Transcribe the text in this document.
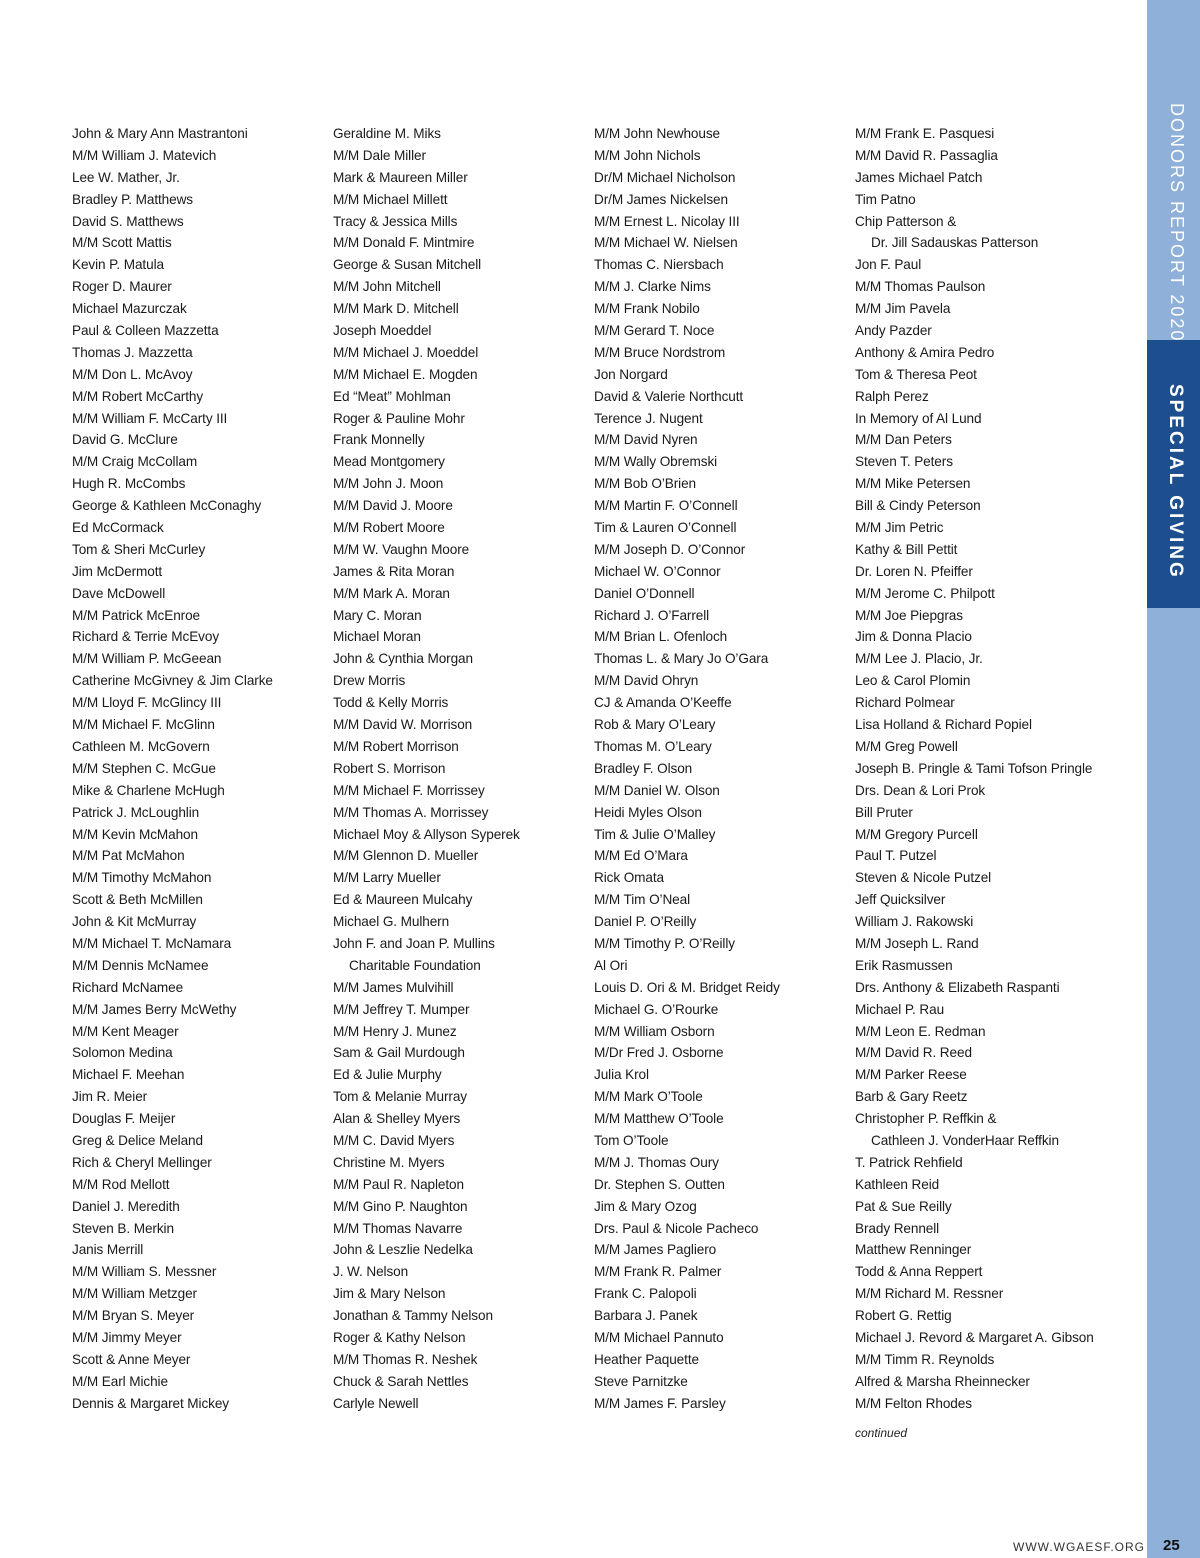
John & Mary Ann Mastrantoni
M/M William J. Matevich
Lee W. Mather, Jr.
Bradley P. Matthews
David S. Matthews
M/M Scott Mattis
Kevin P. Matula
Roger D. Maurer
Michael Mazurczak
Paul & Colleen Mazzetta
Thomas J. Mazzetta
M/M Don L. McAvoy
M/M Robert McCarthy
M/M William F. McCarty III
David G. McClure
M/M Craig McCollam
Hugh R. McCombs
George & Kathleen McConaghy
Ed McCormack
Tom & Sheri McCurley
Jim McDermott
Dave McDowell
M/M Patrick McEnroe
Richard & Terrie McEvoy
M/M William P. McGeean
Catherine McGivney & Jim Clarke
M/M Lloyd F. McGlincy III
M/M Michael F. McGlinn
Cathleen M. McGovern
M/M Stephen C. McGue
Mike & Charlene McHugh
Patrick J. McLoughlin
M/M Kevin McMahon
M/M Pat McMahon
M/M Timothy McMahon
Scott & Beth McMillen
John & Kit McMurray
M/M Michael T. McNamara
M/M Dennis McNamee
Richard McNamee
M/M James Berry McWethy
M/M Kent Meager
Solomon Medina
Michael F. Meehan
Jim R. Meier
Douglas F. Meijer
Greg & Delice Meland
Rich & Cheryl Mellinger
M/M Rod Mellott
Daniel J. Meredith
Steven B. Merkin
Janis Merrill
M/M William S. Messner
M/M William Metzger
M/M Bryan S. Meyer
M/M Jimmy Meyer
Scott & Anne Meyer
M/M Earl Michie
Dennis & Margaret Mickey
Geraldine M. Miks
M/M Dale Miller
Mark & Maureen Miller
M/M Michael Millett
Tracy & Jessica Mills
M/M Donald F. Mintmire
George & Susan Mitchell
M/M John Mitchell
M/M Mark D. Mitchell
Joseph Moeddel
M/M Michael J. Moeddel
M/M Michael E. Mogden
Ed “Meat” Mohlman
Roger & Pauline Mohr
Frank Monnelly
Mead Montgomery
M/M John J. Moon
M/M David J. Moore
M/M Robert Moore
M/M W. Vaughn Moore
James & Rita Moran
M/M Mark A. Moran
Mary C. Moran
Michael Moran
John & Cynthia Morgan
Drew Morris
Todd & Kelly Morris
M/M David W. Morrison
M/M Robert Morrison
Robert S. Morrison
M/M Michael F. Morrissey
M/M Thomas A. Morrissey
Michael Moy & Allyson Syperek
M/M Glennon D. Mueller
M/M Larry Mueller
Ed & Maureen Mulcahy
Michael G. Mulhern
John F. and Joan P. Mullins
Charitable Foundation
M/M James Mulvihill
M/M Jeffrey T. Mumper
M/M Henry J. Munez
Sam & Gail Murdough
Ed & Julie Murphy
Tom & Melanie Murray
Alan & Shelley Myers
M/M C. David Myers
Christine M. Myers
M/M Paul R. Napleton
M/M Gino P. Naughton
M/M Thomas Navarre
John & Leszlie Nedelka
J. W. Nelson
Jim & Mary Nelson
Jonathan & Tammy Nelson
Roger & Kathy Nelson
M/M Thomas R. Neshek
Chuck & Sarah Nettles
Carlyle Newell
M/M John Newhouse
M/M John Nichols
Dr/M Michael Nicholson
Dr/M James Nickelsen
M/M Ernest L. Nicolay III
M/M Michael W. Nielsen
Thomas C. Niersbach
M/M J. Clarke Nims
M/M Frank Nobilo
M/M Gerard T. Noce
M/M Bruce Nordstrom
Jon Norgard
David & Valerie Northcutt
Terence J. Nugent
M/M David Nyren
M/M Wally Obremski
M/M Bob O’Brien
M/M Martin F. O’Connell
Tim & Lauren O’Connell
M/M Joseph D. O’Connor
Michael W. O’Connor
Daniel O’Donnell
Richard J. O’Farrell
M/M Brian L. Ofenloch
Thomas L. & Mary Jo O’Gara
M/M David Ohryn
CJ & Amanda O’Keeffe
Rob & Mary O’Leary
Thomas M. O’Leary
Bradley F. Olson
M/M Daniel W. Olson
Heidi Myles Olson
Tim & Julie O’Malley
M/M Ed O’Mara
Rick Omata
M/M Tim O’Neal
Daniel P. O’Reilly
M/M Timothy P. O’Reilly
Al Ori
Louis D. Ori & M. Bridget Reidy
Michael G. O’Rourke
M/M William Osborn
M/Dr Fred J. Osborne
Julia Krol
M/M Mark O’Toole
M/M Matthew O’Toole
Tom O’Toole
M/M J. Thomas Oury
Dr. Stephen S. Outten
Jim & Mary Ozog
Drs. Paul & Nicole Pacheco
M/M James Pagliero
M/M Frank R. Palmer
Frank C. Palopoli
Barbara J. Panek
M/M Michael Pannuto
Heather Paquette
Steve Parnitzke
M/M James F. Parsley
M/M Frank E. Pasquesi
M/M David R. Passaglia
James Michael Patch
Tim Patno
Chip Patterson &
Dr. Jill Sadauskas Patterson
Jon F. Paul
M/M Thomas Paulson
M/M Jim Pavela
Andy Pazder
Anthony & Amira Pedro
Tom & Theresa Peot
Ralph Perez
In Memory of Al Lund
M/M Dan Peters
Steven T. Peters
M/M Mike Petersen
Bill & Cindy Peterson
M/M Jim Petric
Kathy & Bill Pettit
Dr. Loren N. Pfeiffer
M/M Jerome C. Philpott
M/M Joe Piepgras
Jim & Donna Placio
M/M Lee J. Placio, Jr.
Leo & Carol Plomin
Richard Polmear
Lisa Holland & Richard Popiel
M/M Greg Powell
Joseph B. Pringle & Tami Tofson Pringle
Drs. Dean & Lori Prok
Bill Pruter
M/M Gregory Purcell
Paul T. Putzel
Steven & Nicole Putzel
Jeff Quicksilver
William J. Rakowski
M/M Joseph L. Rand
Erik Rasmussen
Drs. Anthony & Elizabeth Raspanti
Michael P. Rau
M/M Leon E. Redman
M/M David R. Reed
M/M Parker Reese
Barb & Gary Reetz
Christopher P. Reffkin &
Cathleen J. VonderHaar Reffkin
T. Patrick Rehfield
Kathleen Reid
Pat & Sue Reilly
Brady Rennell
Matthew Renninger
Todd & Anna Reppert
M/M Richard M. Ressner
Robert G. Rettig
Michael J. Revord & Margaret A. Gibson
M/M Timm R. Reynolds
Alfred & Marsha Rheinnecker
M/M Felton Rhodes
continued
DONORS REPORT 2020
SPECIAL GIVING
WWW.WGAESF.ORG 25
